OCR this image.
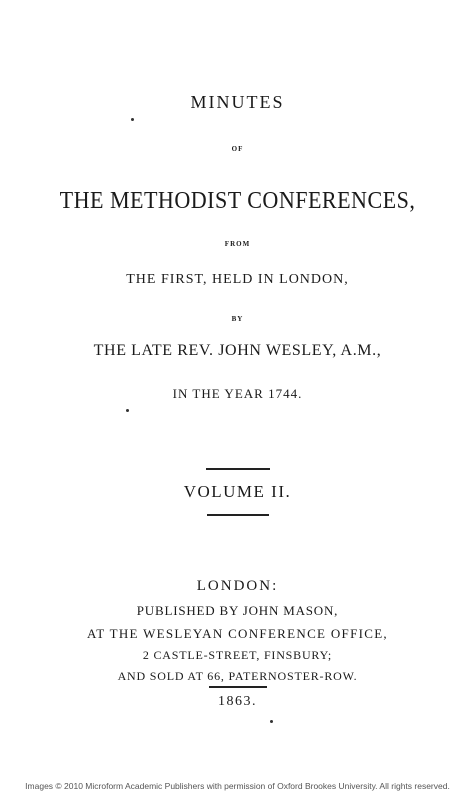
MINUTES
OF
THE METHODIST CONFERENCES,
FROM
THE FIRST, HELD IN LONDON,
BY
THE LATE REV. JOHN WESLEY, A.M.,
IN THE YEAR 1744.
VOLUME II.
LONDON:
PUBLISHED BY JOHN MASON,
AT THE WESLEYAN CONFERENCE OFFICE,
2 CASTLE-STREET, FINSBURY;
AND SOLD AT 66, PATERNOSTER-ROW.
1863.
Images © 2010 Microform Academic Publishers with permission of Oxford Brookes University. All rights reserved.
